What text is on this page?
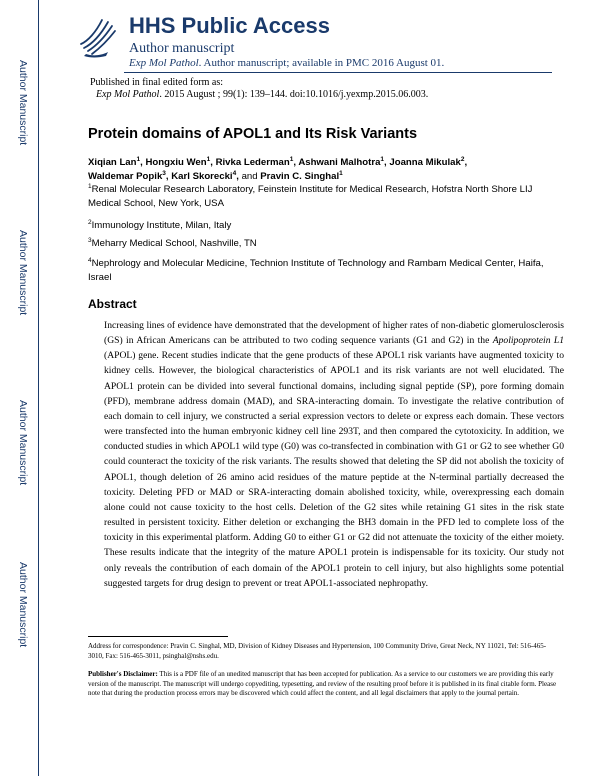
Author Manuscript
Author Manuscript
Author Manuscript
Author Manuscript
HHS Public Access
Author manuscript
Exp Mol Pathol. Author manuscript; available in PMC 2016 August 01.
Published in final edited form as:
Exp Mol Pathol. 2015 August ; 99(1): 139–144. doi:10.1016/j.yexmp.2015.06.003.
Protein domains of APOL1 and Its Risk Variants
Xiqian Lan$^1$, Hongxiu Wen$^1$, Rivka Lederman$^1$, Ashwani Malhotra$^1$, Joanna Mikulak$^2$,
Waldemar Popik$^3$, Karl Skorecki$^4$, and Pravin C. Singhal$^1$
$^1$Renal Molecular Research Laboratory, Feinstein Institute for Medical Research, Hofstra North Shore LIJ Medical School, New York, USA
$^2$Immunology Institute, Milan, Italy
$^3$Meharry Medical School, Nashville, TN
$^4$Nephrology and Molecular Medicine, Technion Institute of Technology and Rambam Medical Center, Haifa, Israel
Abstract
Increasing lines of evidence have demonstrated that the development of higher rates of non-diabetic glomerulosclerosis (GS) in African Americans can be attributed to two coding sequence variants (G1 and G2) in the Apolipoprotein L1 (APOL) gene. Recent studies indicate that the gene products of these APOL1 risk variants have augmented toxicity to kidney cells. However, the biological characteristics of APOL1 and its risk variants are not well elucidated. The APOL1 protein can be divided into several functional domains, including signal peptide (SP), pore forming domain (PFD), membrane address domain (MAD), and SRA-interacting domain. To investigate the relative contribution of each domain to cell injury, we constructed a serial expression vectors to delete or express each domain. These vectors were transfected into the human embryonic kidney cell line 293T, and then compared the cytotoxicity. In addition, we conducted studies in which APOL1 wild type (G0) was co-transfected in combination with G1 or G2 to see whether G0 could counteract the toxicity of the risk variants. The results showed that deleting the SP did not abolish the toxicity of APOL1, though deletion of 26 amino acid residues of the mature peptide at the N-terminal partially decreased the toxicity. Deleting PFD or MAD or SRA-interacting domain abolished toxicity, while, overexpressing each domain alone could not cause toxicity to the host cells. Deletion of the G2 sites while retaining G1 sites in the risk state resulted in persistent toxicity. Either deletion or exchanging the BH3 domain in the PFD led to complete loss of the toxicity in this experimental platform. Adding G0 to either G1 or G2 did not attenuate the toxicity of the either moiety. These results indicate that the integrity of the mature APOL1 protein is indispensable for its toxicity. Our study not only reveals the contribution of each domain of the APOL1 protein to cell injury, but also highlights some potential suggested targets for drug design to prevent or treat APOL1-associated nephropathy.
Address for correspondence: Pravin C. Singhal, MD, Division of Kidney Diseases and Hypertension, 100 Community Drive, Great Neck, NY 11021, Tel: 516-465-3010, Fax: 516-465-3011, psinghal@nshs.edu.
Publisher's Disclaimer: This is a PDF file of an unedited manuscript that has been accepted for publication. As a service to our customers we are providing this early version of the manuscript. The manuscript will undergo copyediting, typesetting, and review of the resulting proof before it is published in its final citable form. Please note that during the production process errors may be discovered which could affect the content, and all legal disclaimers that apply to the journal pertain.
